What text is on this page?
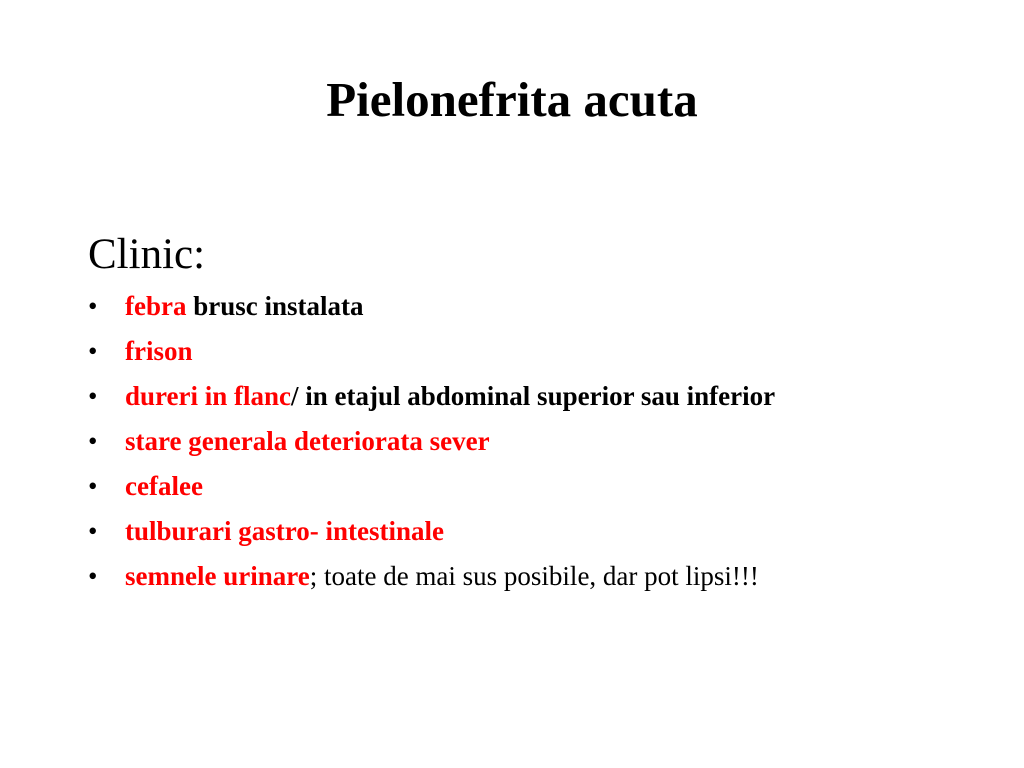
Pielonefrita acuta
Clinic:
• febra brusc instalata
• frison
• dureri in flanc/ in etajul abdominal superior sau inferior
• stare generala deteriorata sever
• cefalee
• tulburari gastro- intestinale
• semnele urinare; toate de mai sus posibile, dar pot lipsi!!!
